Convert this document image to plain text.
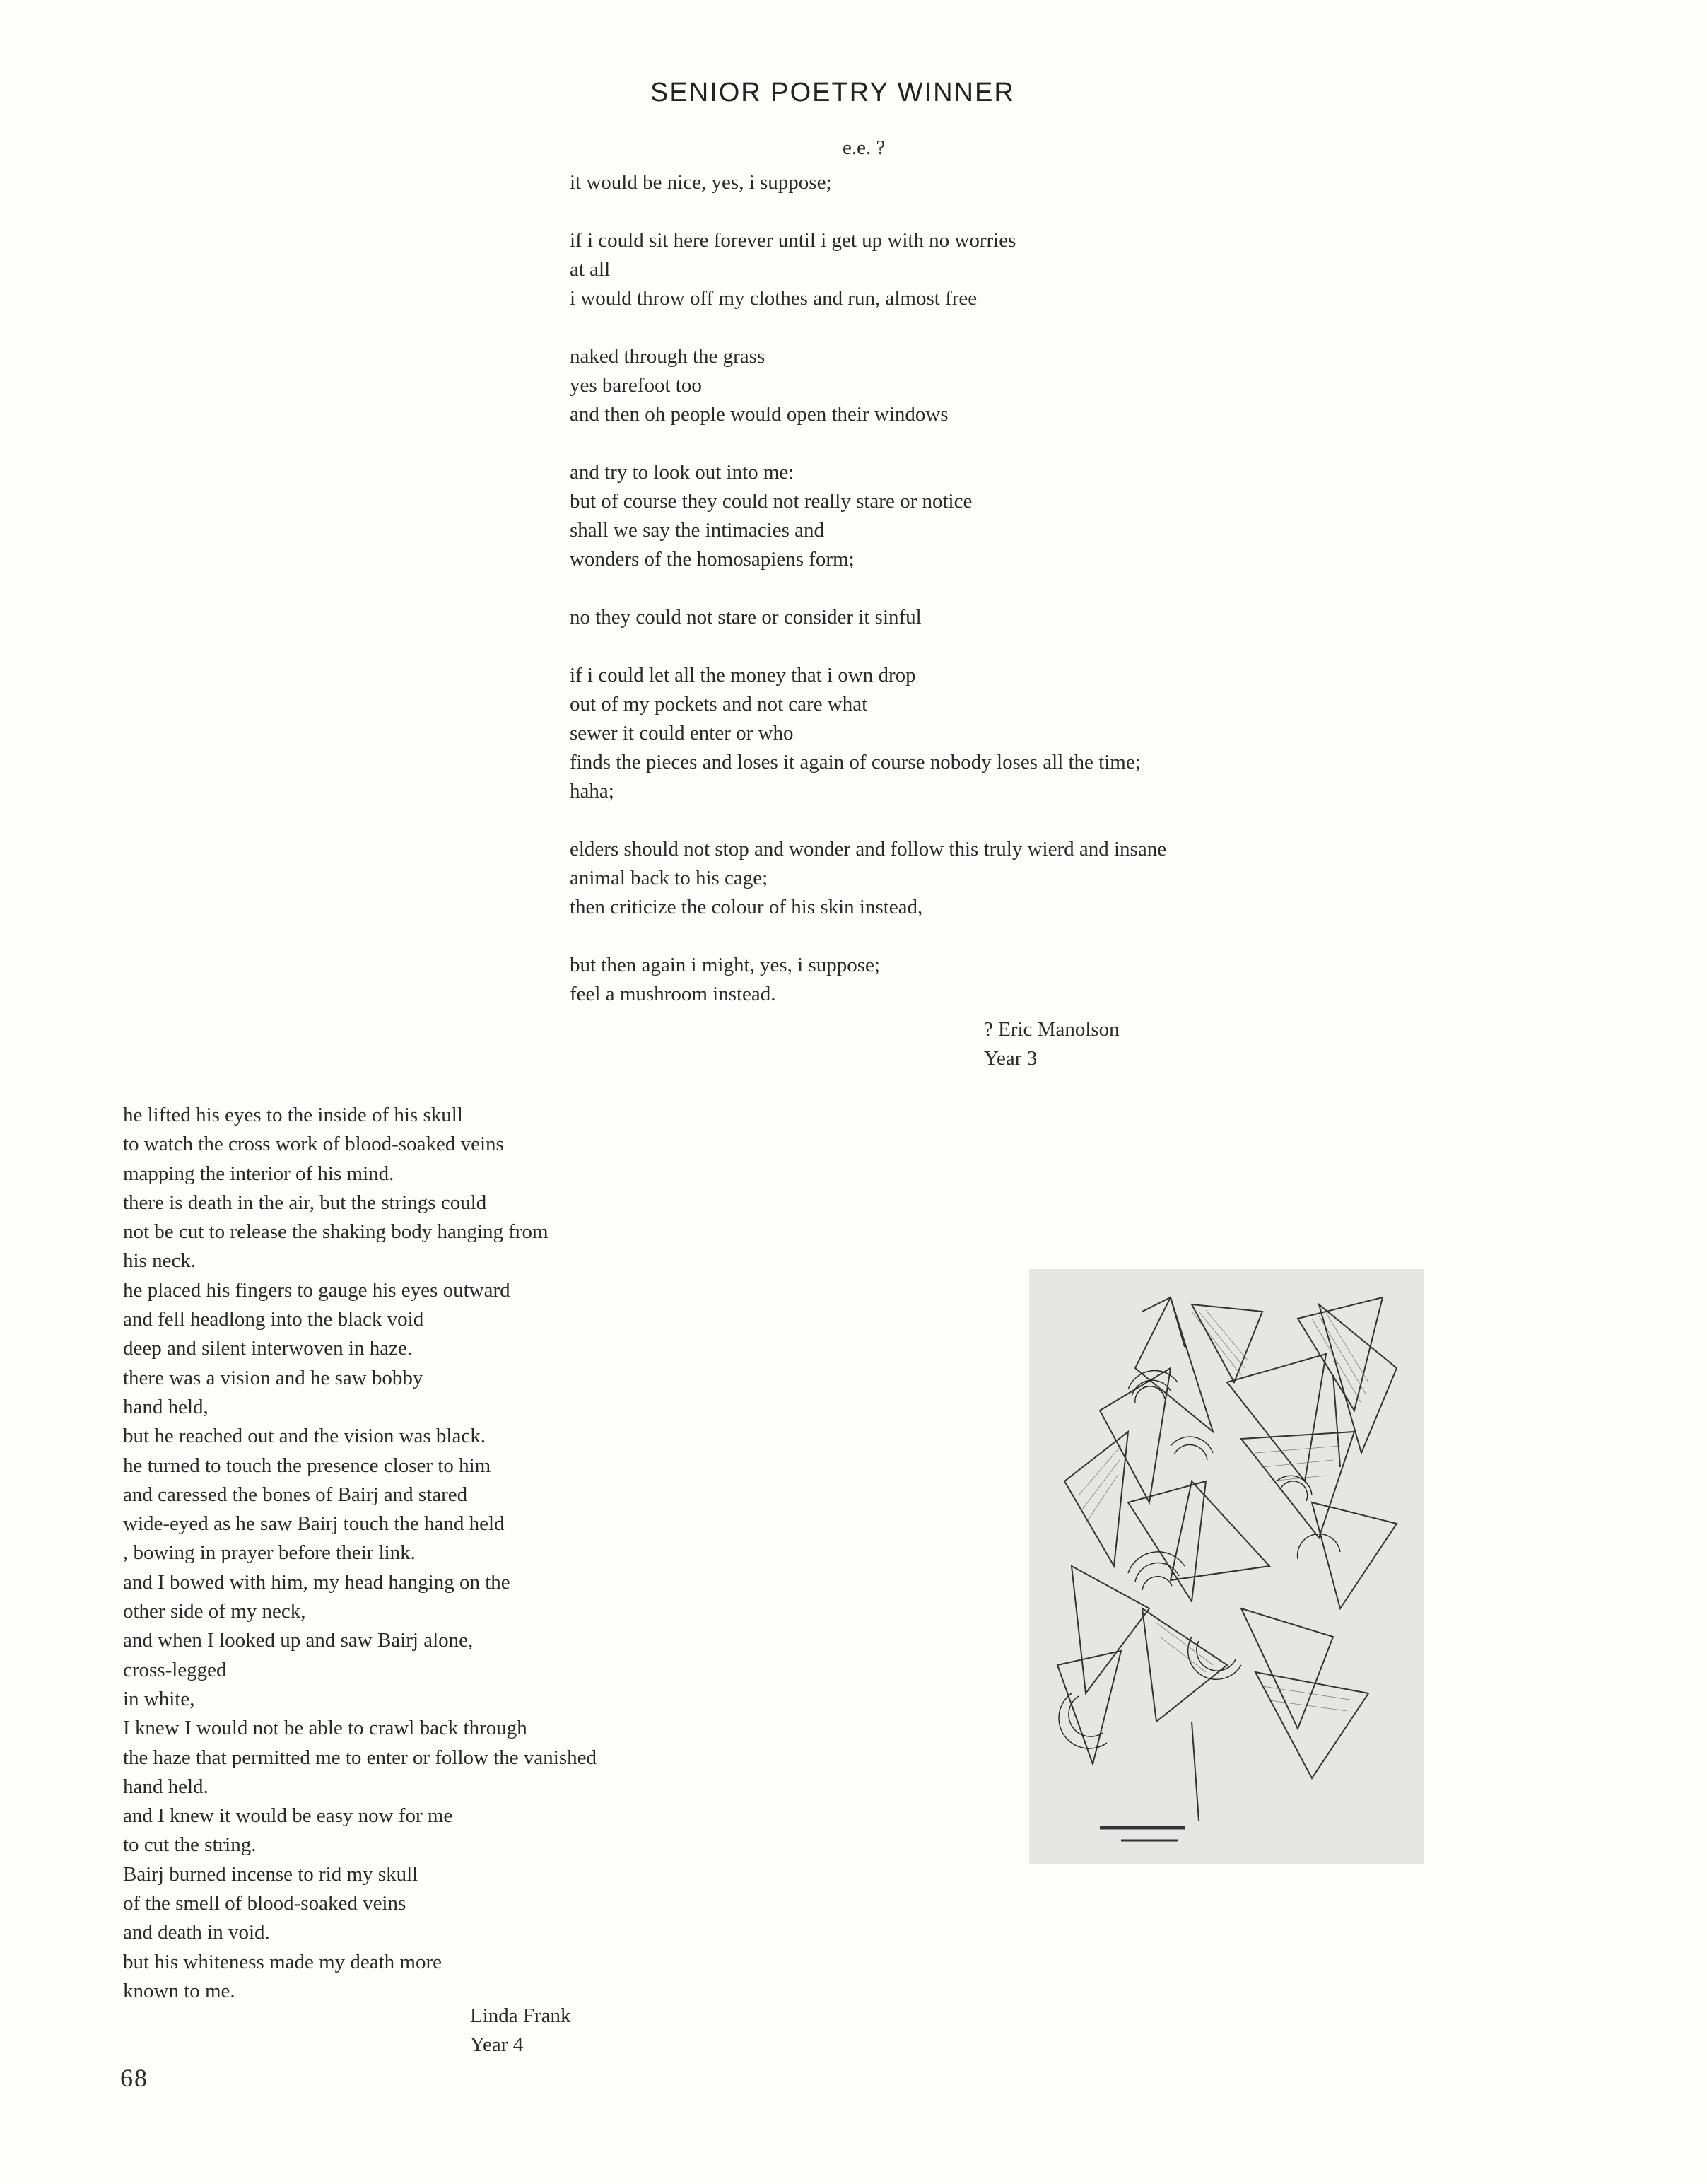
SENIOR POETRY WINNER
e.e. ?
it would be nice, yes, i suppose;
if i could sit here forever until i get up with no worries
at all
i would throw off my clothes and run, almost free
naked through the grass
yes barefoot too
and then oh people would open their windows
and try to look out into me:
but of course they could not really stare or notice
shall we say the intimacies and
wonders of the homosapiens form;
no they could not stare or consider it sinful
if i could let all the money that i own drop
out of my pockets and not care what
sewer it could enter or who
finds the pieces and loses it again of course nobody loses all the time;
haha;
elders should not stop and wonder and follow this truly wierd and insane
animal back to his cage;
then criticize the colour of his skin instead,
but then again i might, yes, i suppose;
feel a mushroom instead.
? Eric Manolson
Year 3
he lifted his eyes to the inside of his skull
to watch the cross work of blood-soaked veins
mapping the interior of his mind.
there is death in the air, but the strings could
not be cut to release the shaking body hanging from
his neck.
he placed his fingers to gauge his eyes outward
and fell headlong into the black void
deep and silent interwoven in haze.
there was a vision and he saw bobby
hand held,
but he reached out and the vision was black.
he turned to touch the presence closer to him
and caressed the bones of Bairj and stared
wide-eyed as he saw Bairj touch the hand held
, bowing in prayer before their link.
and I bowed with him, my head hanging on the
other side of my neck,
and when I looked up and saw Bairj alone,
cross-legged
in white,
I knew I would not be able to crawl back through
the haze that permitted me to enter or follow the vanished
hand held.
and I knew it would be easy now for me
to cut the string.
Bairj burned incense to rid my skull
of the smell of blood-soaked veins
and death in void.
but his whiteness made my death more
known to me.
Linda Frank
Year 4
68
